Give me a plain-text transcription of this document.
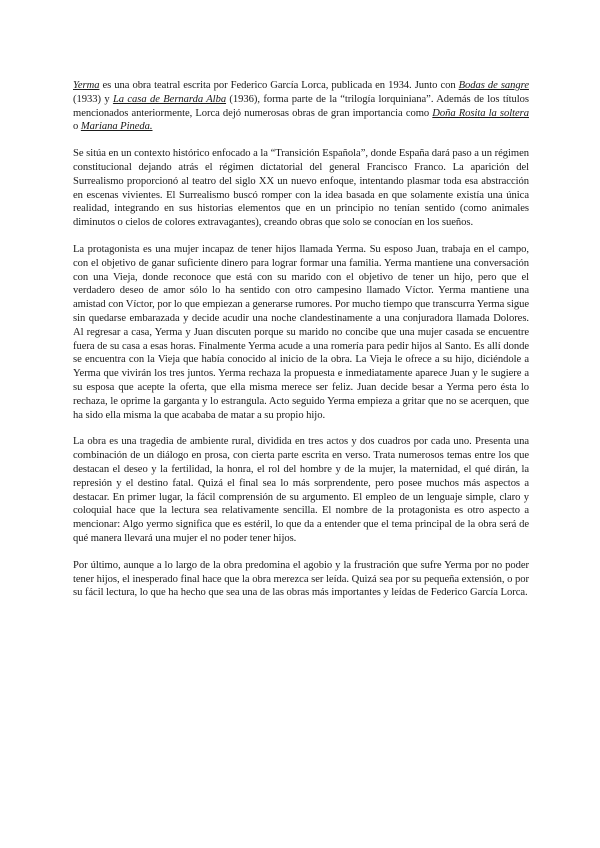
Yerma es una obra teatral escrita por Federico García Lorca, publicada en 1934. Junto con Bodas de sangre (1933) y La casa de Bernarda Alba (1936), forma parte de la “trilogía lorquiniana”. Además de los títulos mencionados anteriormente, Lorca dejó numerosas obras de gran importancia como Doña Rosita la soltera o Mariana Pineda.

Se sitúa en un contexto histórico enfocado a la “Transición Española”, donde España dará paso a un régimen constitucional dejando atrás el régimen dictatorial del general Francisco Franco. La aparición del Surrealismo proporcionó al teatro del siglo XX un nuevo enfoque, intentando plasmar toda esa abstracción en escenas vivientes. El Surrealismo buscó romper con la idea basada en que solamente existía una única realidad, integrando en sus historias elementos que en un principio no tenían sentido (como animales diminutos o cielos de colores extravagantes), creando obras que solo se conocían en los sueños.

La protagonista es una mujer incapaz de tener hijos llamada Yerma. Su esposo Juan, trabaja en el campo, con el objetivo de ganar suficiente dinero para lograr formar una familia. Yerma mantiene una conversación con una Vieja, donde reconoce que está con su marido con el objetivo de tener un hijo, pero que el verdadero deseo de amor sólo lo ha sentido con otro campesino llamado Víctor. Yerma mantiene una amistad con Víctor, por lo que empiezan a generarse rumores. Por mucho tiempo que transcurra Yerma sigue sin quedarse embarazada y decide acudir una noche clandestinamente a una conjuradora llamada Dolores. Al regresar a casa, Yerma y Juan discuten porque su marido no concibe que una mujer casada se encuentre fuera de su casa a esas horas. Finalmente Yerma acude a una romería para pedir hijos al Santo. Es allí donde se encuentra con la Vieja que había conocido al inicio de la obra. La Vieja le ofrece a su hijo, diciéndole a Yerma que vivirán los tres juntos. Yerma rechaza la propuesta e inmediatamente aparece Juan y le sugiere a su esposa que acepte la oferta, que ella misma merece ser feliz. Juan decide besar a Yerma pero ésta lo rechaza, le oprime la garganta y lo estrangula. Acto seguido Yerma empieza a gritar que no se acerquen, que ha sido ella misma la que acababa de matar a su propio hijo.

La obra es una tragedia de ambiente rural, dividida en tres actos y dos cuadros por cada uno. Presenta una combinación de un diálogo en prosa, con cierta parte escrita en verso. Trata numerosos temas entre los que destacan el deseo y la fertilidad, la honra, el rol del hombre y de la mujer, la maternidad, el qué dirán, la represión y el destino fatal. Quizá el final sea lo más sorprendente, pero posee muchos más aspectos a destacar. En primer lugar, la fácil comprensión de su argumento. El empleo de un lenguaje simple, claro y coloquial hace que la lectura sea relativamente sencilla. El nombre de la protagonista es otro aspecto a mencionar: Algo yermo significa que es estéril, lo que da a entender que el tema principal de la obra será de qué manera llevará una mujer el no poder tener hijos.

Por último, aunque a lo largo de la obra predomina el agobio y la frustración que sufre Yerma por no poder tener hijos, el inesperado final hace que la obra merezca ser leída. Quizá sea por su pequeña extensión, o por su fácil lectura, lo que ha hecho que sea una de las obras más importantes y leídas de Federico García Lorca.
